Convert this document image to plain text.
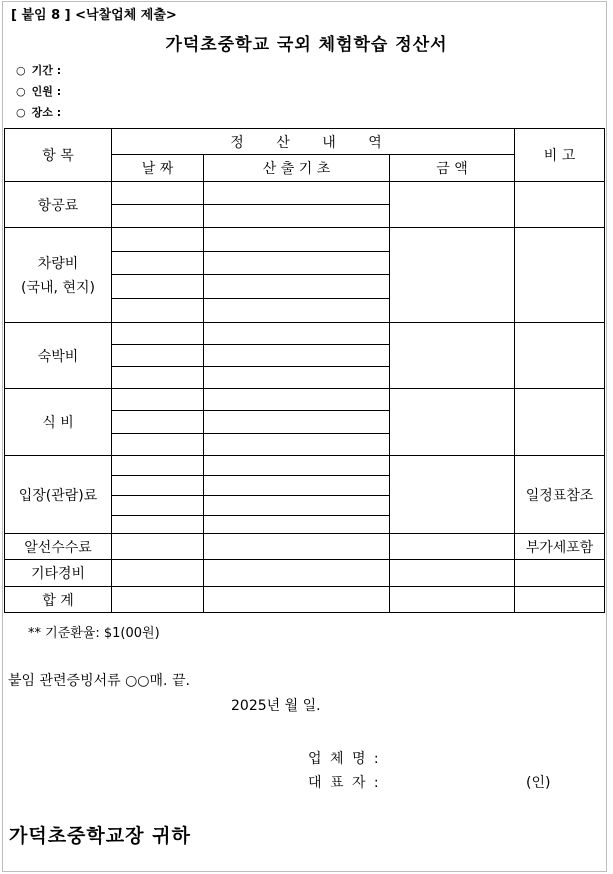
[ 붙임 8 ] <낙찰업체 제출>
가덕초중학교 국외 체험학습 정산서
○ 기간 :
○ 인원 :
○ 장소 :
항 목	정 산 내 역			비 고
	날 짜	산 출 기 초	금 액	
항공료				

차량비
(국내, 현지)				

숙박비				

식 비				

입장(관람)료				일정표참조

알선수수료				부가세포함
기타경비				
합 계				
** 기준환율: $1(00원)
붙임 관련증빙서류 ○○매. 끝.
2025년 월 일.
업 체 명 :
대 표 자 :	(인)
가덕초중학교장 귀하
